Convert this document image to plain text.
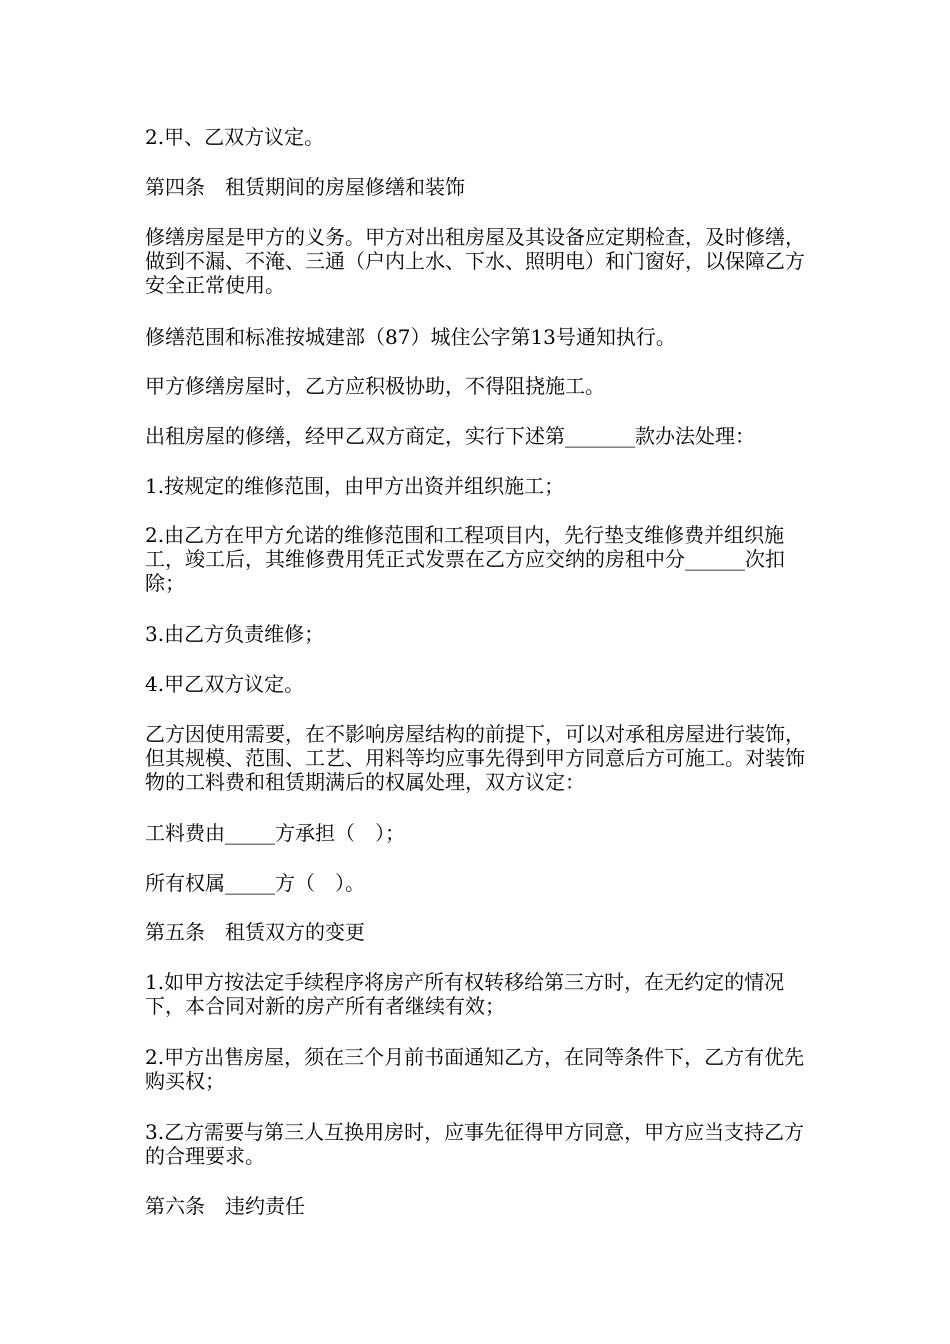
2.甲、乙双方议定。

第四条　租赁期间的房屋修缮和装饰

修缮房屋是甲方的义务。甲方对出租房屋及其设备应定期检查，及时修缮，做到不漏、不淹、三通（户内上水、下水、照明电）和门窗好，以保障乙方安全正常使用。

修缮范围和标准按城建部（87）城住公字第13号通知执行。

甲方修缮房屋时，乙方应积极协助，不得阻挠施工。

出租房屋的修缮，经甲乙双方商定，实行下述第_______款办法处理：

1.按规定的维修范围，由甲方出资并组织施工；

2.由乙方在甲方允诺的维修范围和工程项目内，先行垫支维修费并组织施工，竣工后，其维修费用凭正式发票在乙方应交纳的房租中分______次扣除；

3.由乙方负责维修；

4.甲乙双方议定。

乙方因使用需要，在不影响房屋结构的前提下，可以对承租房屋进行装饰，但其规模、范围、工艺、用料等均应事先得到甲方同意后方可施工。对装饰物的工料费和租赁期满后的权属处理，双方议定：

工料费由_____方承担（　）；

所有权属_____方（　）。

第五条　租赁双方的变更

1.如甲方按法定手续程序将房产所有权转移给第三方时，在无约定的情况下，本合同对新的房产所有者继续有效；

2.甲方出售房屋，须在三个月前书面通知乙方，在同等条件下，乙方有优先购买权；

3.乙方需要与第三人互换用房时，应事先征得甲方同意，甲方应当支持乙方的合理要求。

第六条　违约责任
